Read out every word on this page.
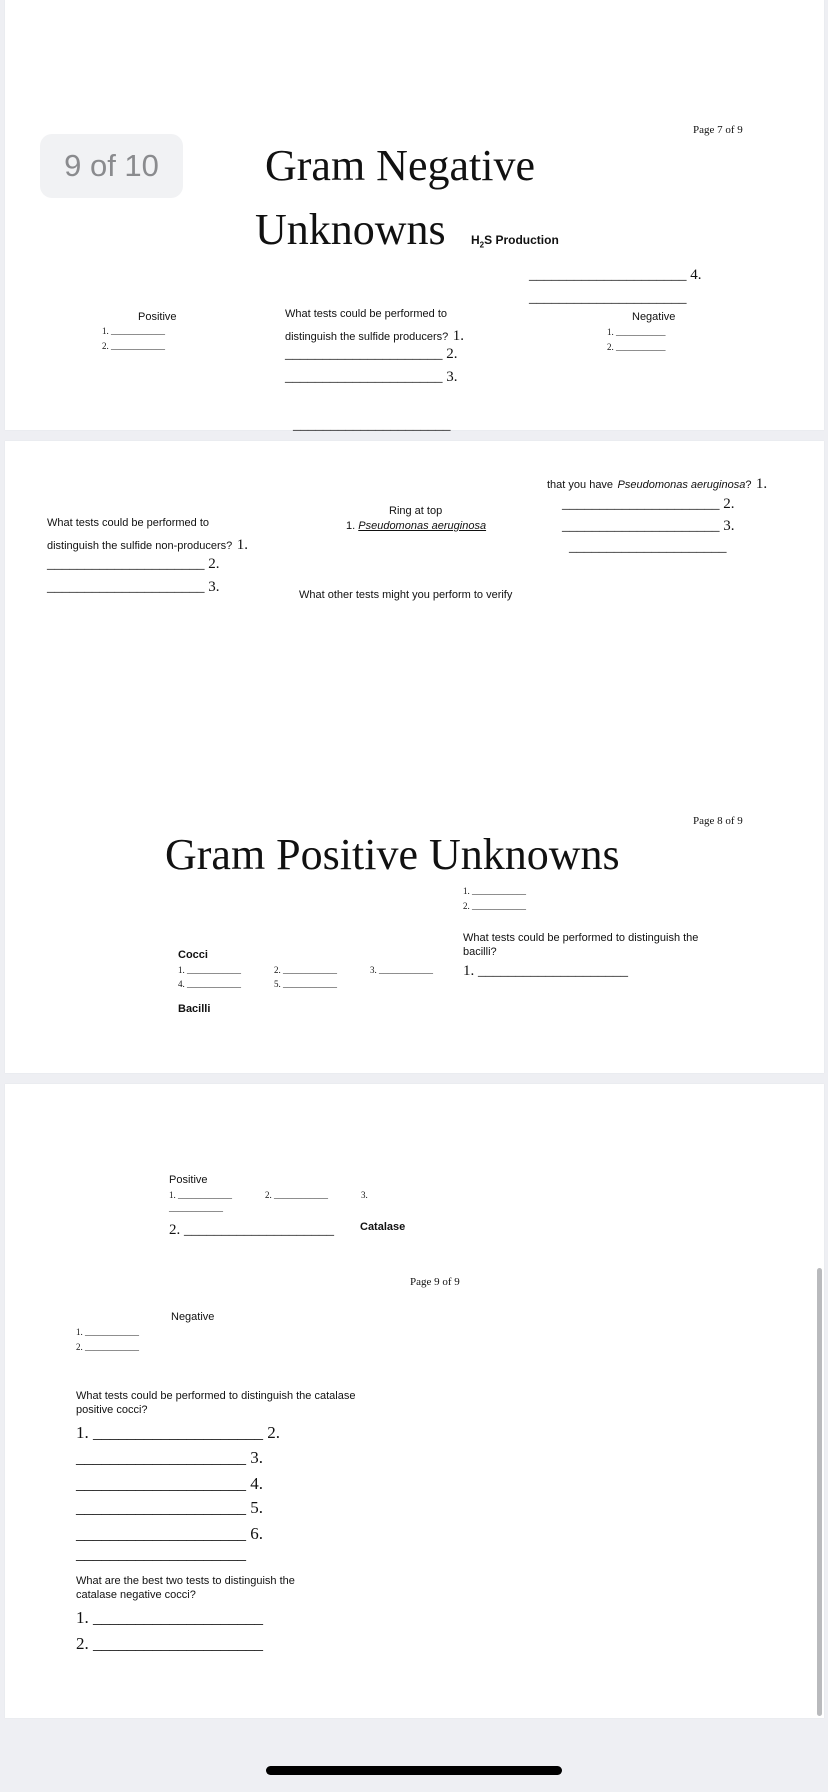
Page 7 of 9
Gram Negative
Unknowns $H_2S$ Production
_____________________ 4.
_____________________
Positive
1. ____________
2. ____________
What tests could be performed to
distinguish the sulfide producers? 1.
_____________________ 2.
_____________________ 3.
Negative
1. ___________
2. ___________
9 of 10
_____________________
Ring at top
1. Pseudomonas aeruginosa
that you have Pseudomonas aeruginosa? 1.
_____________________ 2.
_____________________ 3.
_____________________
What tests could be performed to
distinguish the sulfide non-producers? 1.
_____________________ 2.
_____________________ 3.	What other tests might you perform to verify
Page 8 of 9
Gram Positive Unknowns
1. ____________
2. ____________
What tests could be performed to distinguish the
bacilli?
Cocci
1. ____________	2. ____________	3. ____________
4. ____________	5. ____________
1. ____________________
Bacilli
Positive
1. ____________	2. ____________	3.
____________
2. ____________________ Catalase
Page 9 of 9
Negative
1. ____________
2. ____________
What tests could be performed to distinguish the catalase
positive cocci?
1. ____________________ 2.
____________________ 3.
____________________ 4.
____________________ 5.
____________________ 6.
____________________
What are the best two tests to distinguish the
catalase negative cocci?
1. ____________________
2. ____________________
